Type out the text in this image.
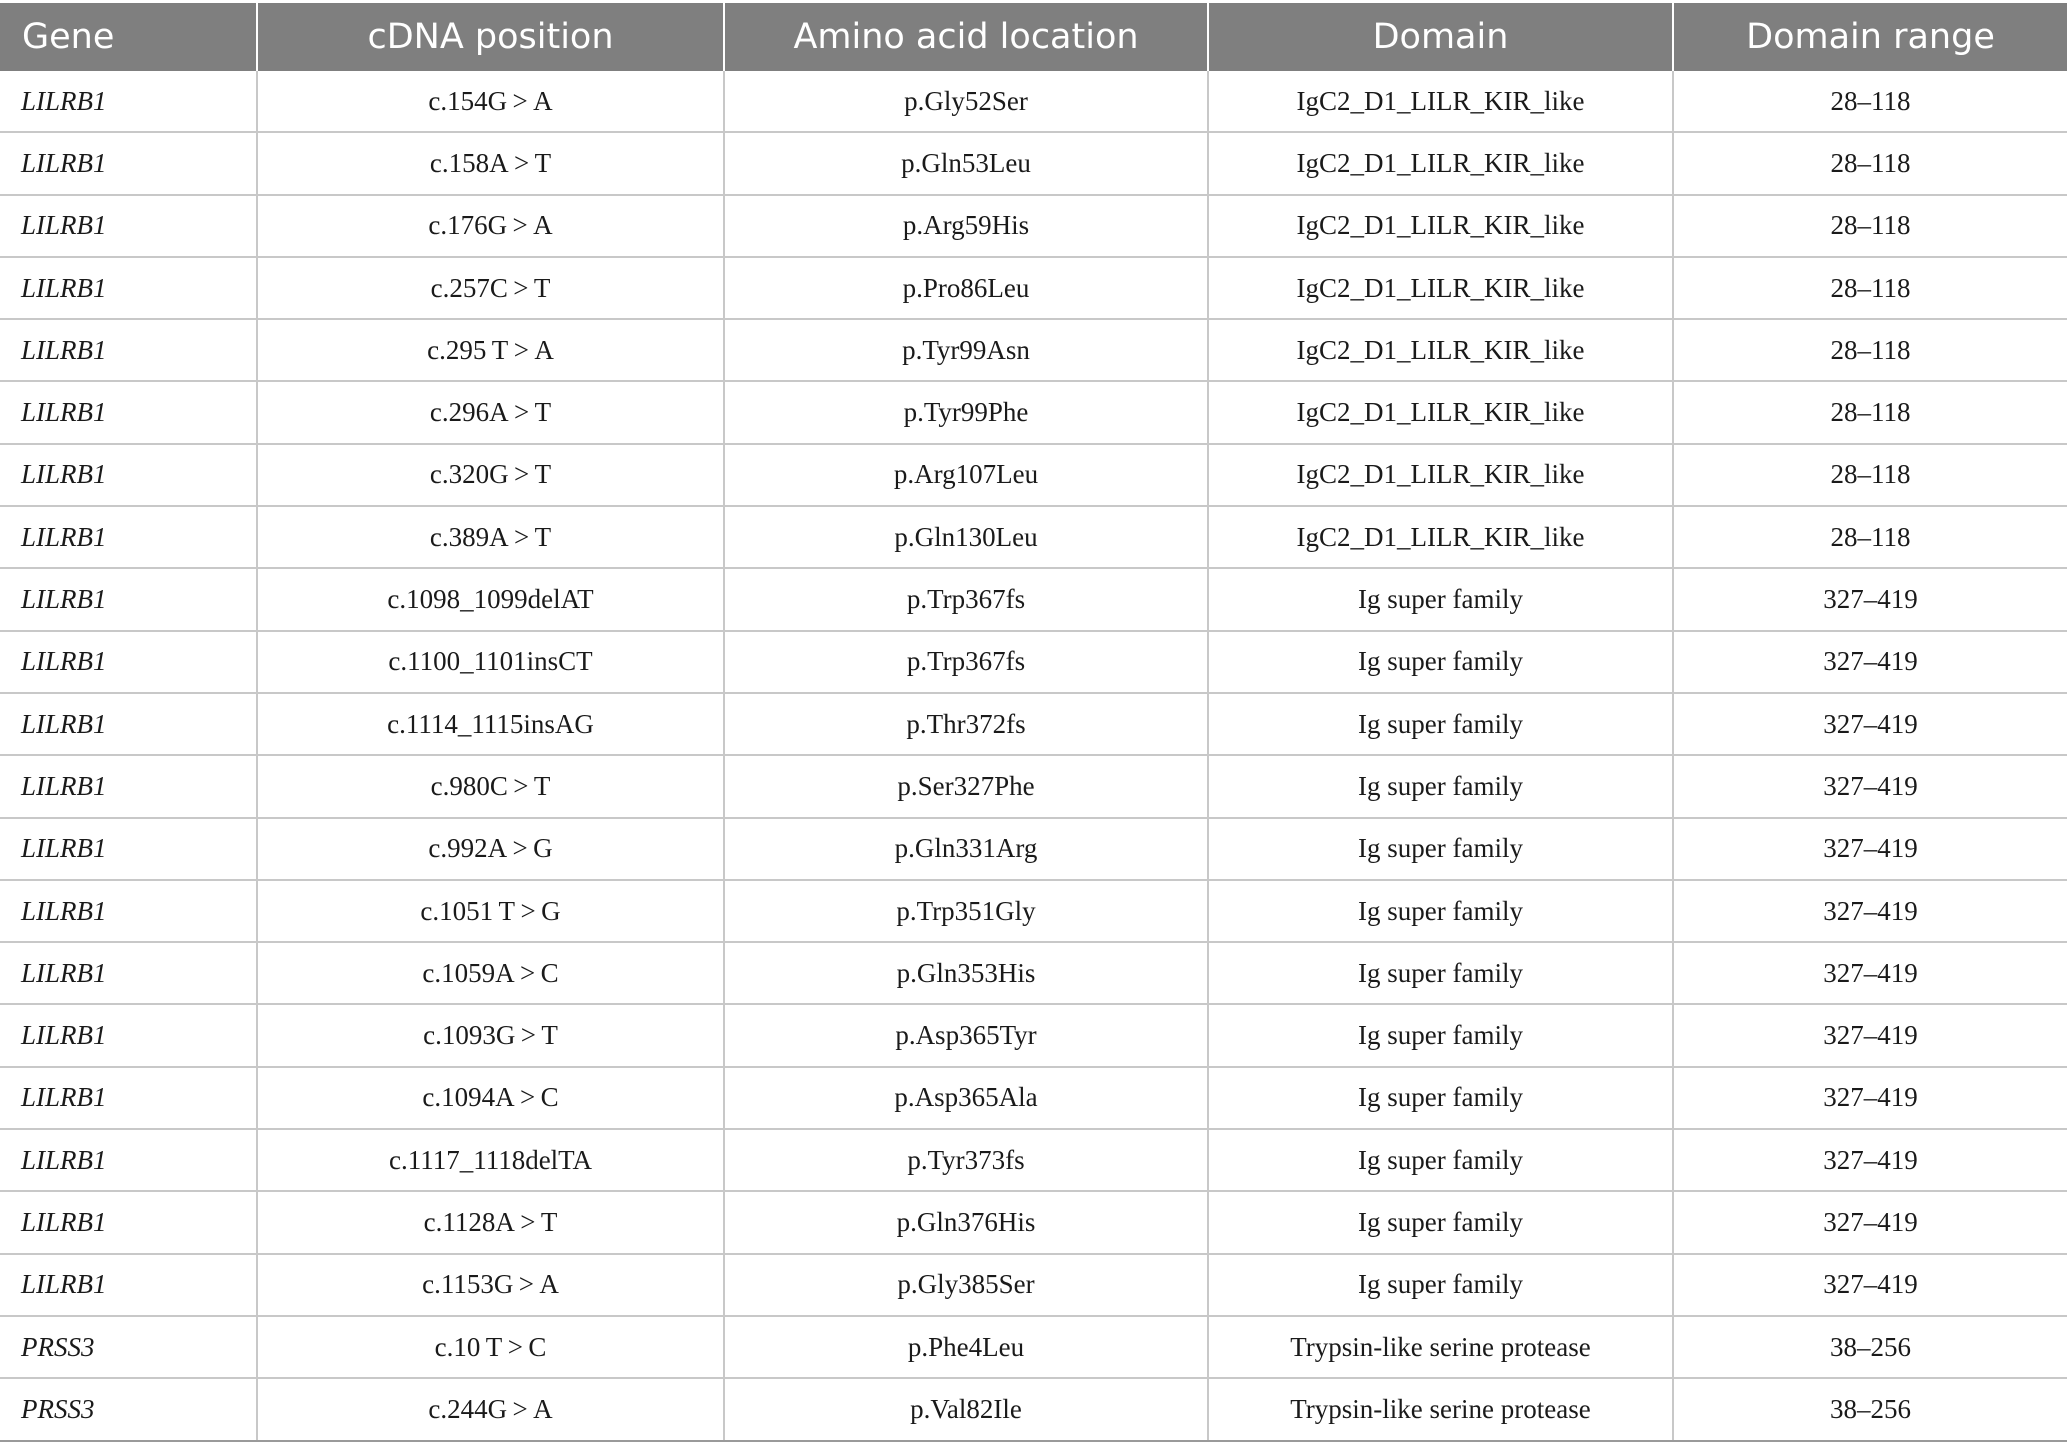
Gene	cDNA position	Amino acid location	Domain	Domain range
LILRB1	c.154G > A	p.Gly52Ser	IgC2_D1_LILR_KIR_like	28–118
LILRB1	c.158A > T	p.Gln53Leu	IgC2_D1_LILR_KIR_like	28–118
LILRB1	c.176G > A	p.Arg59His	IgC2_D1_LILR_KIR_like	28–118
LILRB1	c.257C > T	p.Pro86Leu	IgC2_D1_LILR_KIR_like	28–118
LILRB1	c.295 T > A	p.Tyr99Asn	IgC2_D1_LILR_KIR_like	28–118
LILRB1	c.296A > T	p.Tyr99Phe	IgC2_D1_LILR_KIR_like	28–118
LILRB1	c.320G > T	p.Arg107Leu	IgC2_D1_LILR_KIR_like	28–118
LILRB1	c.389A > T	p.Gln130Leu	IgC2_D1_LILR_KIR_like	28–118
LILRB1	c.1098_1099delAT	p.Trp367fs	Ig super family	327–419
LILRB1	c.1100_1101insCT	p.Trp367fs	Ig super family	327–419
LILRB1	c.1114_1115insAG	p.Thr372fs	Ig super family	327–419
LILRB1	c.980C > T	p.Ser327Phe	Ig super family	327–419
LILRB1	c.992A > G	p.Gln331Arg	Ig super family	327–419
LILRB1	c.1051 T > G	p.Trp351Gly	Ig super family	327–419
LILRB1	c.1059A > C	p.Gln353His	Ig super family	327–419
LILRB1	c.1093G > T	p.Asp365Tyr	Ig super family	327–419
LILRB1	c.1094A > C	p.Asp365Ala	Ig super family	327–419
LILRB1	c.1117_1118delTA	p.Tyr373fs	Ig super family	327–419
LILRB1	c.1128A > T	p.Gln376His	Ig super family	327–419
LILRB1	c.1153G > A	p.Gly385Ser	Ig super family	327–419
PRSS3	c.10 T > C	p.Phe4Leu	Trypsin-like serine protease	38–256
PRSS3	c.244G > A	p.Val82Ile	Trypsin-like serine protease	38–256
